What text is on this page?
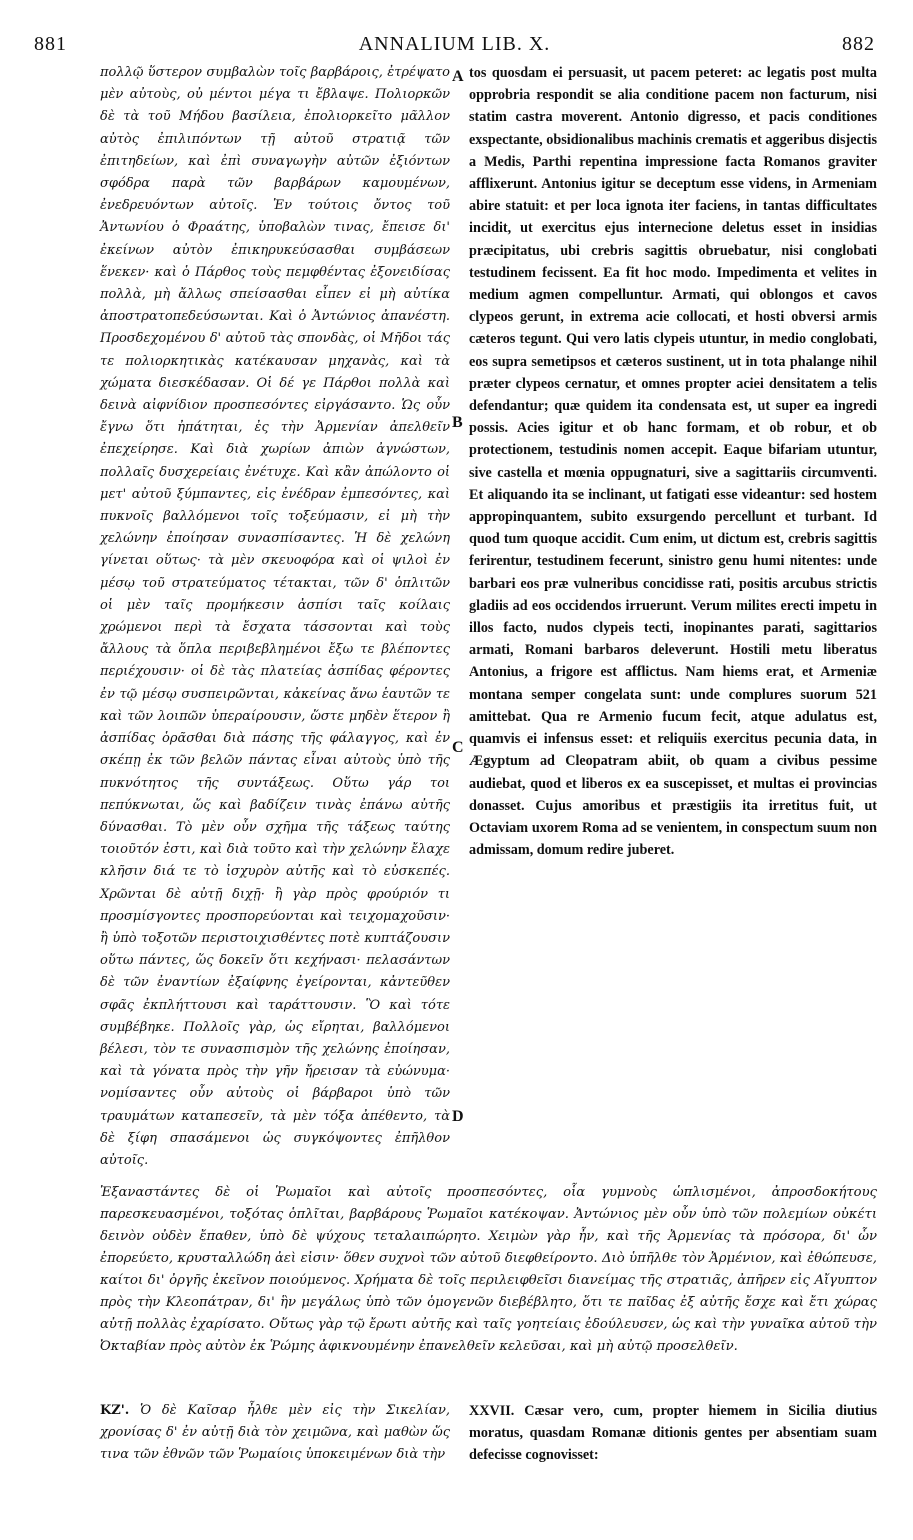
881	ANNALIUM LIB. X.	882

πολλῷ ὕστερον συμβαλὼν τοῖς βαρβάροις, ἐτρέψατο μὲν αὐτοὺς, οὐ μέντοι μέγα τι ἔβλαψε. Πολιορκῶν δὲ τὰ τοῦ Μήδου βασίλεια, ἐπολιορκεῖτο μᾶλλον αὐτὸς ἐπιλιπόντων τῇ αὐτοῦ στρατιᾷ τῶν ἐπιτηδείων, καὶ ἐπὶ συναγωγὴν αὐτῶν ἐξιόντων σφόδρα παρὰ τῶν βαρβάρων καμουμένων, ἐνεδρευόντων αὐτοῖς. Ἐν τούτοις ὄντος τοῦ Ἀντωνίου ὁ Φραάτης, ὑποβαλὼν τινας, ἔπεισε δι' ἐκείνων αὐτὸν ἐπικηρυκεύσασθαι συμβάσεων ἕνεκεν· καὶ ὁ Πάρθος τοὺς πεμφθέντας ἐξονειδίσας πολλὰ, μὴ ἄλλως σπείσασθαι εἶπεν εἰ μὴ αὐτίκα ἀποστρατοπεδεύσωνται. Καὶ ὁ Ἀντώνιος ἀπανέστη. Προσδεχομένου δ' αὐτοῦ τὰς σπονδὰς, οἱ Μῆδοι τάς τε πολιορκητικὰς κατέκαυσαν μηχανὰς, καὶ τὰ χώματα διεσκέδασαν. Οἱ δέ γε Πάρθοι πολλὰ καὶ δεινὰ αἰφνίδιον προσπεσόντες εἰργάσαντο. Ὡς οὖν ἔγνω ὅτι ἠπάτηται, ἐς τὴν Ἀρμενίαν ἀπελθεῖν ἐπεχείρησε. Καὶ διὰ χωρίων ἀπιὼν ἀγνώστων, πολλαῖς δυσχερείαις ἐνέτυχε. Καὶ κἂν ἀπώλοντο οἱ μετ' αὐτοῦ ξύμπαντες, εἰς ἐνέδραν ἐμπεσόντες, καὶ πυκνοῖς βαλλόμενοι τοῖς τοξεύμασιν, εἰ μὴ τὴν χελώνην ἐποίησαν συνασπίσαντες. Ἡ δὲ χελώνη γίνεται οὕτως· τὰ μὲν σκευοφόρα καὶ οἱ ψιλοὶ ἐν μέσῳ τοῦ στρατεύματος τέτακται, τῶν δ' ὁπλιτῶν οἱ μὲν ταῖς προμήκεσιν ἀσπίσι ταῖς κοίλαις χρώμενοι περὶ τὰ ἔσχατα τάσσονται καὶ τοὺς ἄλλους τὰ ὅπλα περιβεβλημένοι ἔξω τε βλέποντες περιέχουσιν· οἱ δὲ τὰς πλατείας ἀσπίδας φέροντες ἐν τῷ μέσῳ συσπειρῶνται, κἀκείνας ἄνω ἑαυτῶν τε καὶ τῶν λοιπῶν ὑπεραίρουσιν, ὥστε μηδὲν ἕτερον ἢ ἀσπίδας ὁρᾶσθαι διὰ πάσης τῆς φάλαγγος, καὶ ἐν σκέπῃ ἐκ τῶν βελῶν πάντας εἶναι αὐτοὺς ὑπὸ τῆς πυκνότητος τῆς συντάξεως. Οὕτω γάρ τοι πεπύκνωται, ὥς καὶ βαδίζειν τινὰς ἐπάνω αὐτῆς δύνασθαι. Τὸ μὲν οὖν σχῆμα τῆς τάξεως ταύτης τοιοῦτόν ἐστι, καὶ διὰ τοῦτο καὶ τὴν χελώνην ἔλαχε κλῆσιν διά τε τὸ ἰσχυρὸν αὐτῆς καὶ τὸ εὐσκεπές. Χρῶνται δὲ αὐτῇ διχῇ· ἢ γὰρ πρὸς φρούριόν τι προσμίσγοντες προσπορεύονται καὶ τειχομαχοῦσιν· ἢ ὑπὸ τοξοτῶν περιστοιχισθέντες ποτὲ κυπτάζουσιν οὕτω πάντες, ὥς δοκεῖν ὅτι κεχήνασι· πελασάντων δὲ τῶν ἐναντίων ἐξαίφνης ἐγείρονται, κἀντεῦθεν σφᾶς ἐκπλήττουσι καὶ ταράττουσιν. Ὃ καὶ τότε συμβέβηκε. Πολλοῖς γὰρ, ὡς εἴρηται, βαλλόμενοι βέλεσι, τὸν τε συνασπισμὸν τῆς χελώνης ἐποίησαν, καὶ τὰ γόνατα πρὸς τὴν γῆν ἤρεισαν τὰ εὐώνυμα· νομίσαντες οὖν αὐτοὺς οἱ βάρβαροι ὑπὸ τῶν τραυμάτων καταπεσεῖν, τὰ μὲν τόξα ἀπέθεντο, τὰ δὲ ξίφη σπασάμενοι ὡς συγκόψοντες ἐπῆλθον αὐτοῖς.

A
B
C
D

tos quosdam ei persuasit, ut pacem peteret: ac legatis post multa opprobria respondit se alia conditione pacem non facturum, nisi statim castra moverent. Antonio digresso, et pacis conditiones exspectante, obsidionalibus machinis crematis et aggeribus disjectis a Medis, Parthi repentina impressione facta Romanos graviter afflixerunt. Antonius igitur se deceptum esse videns, in Armeniam abire statuit: et per loca ignota iter faciens, in tantas difficultates incidit, ut exercitus ejus internecione deletus esset in insidias præcipitatus, ubi crebris sagittis obruebatur, nisi conglobati testudinem fecissent. Ea fit hoc modo. Impedimenta et velites in medium agmen compelluntur. Armati, qui oblongos et cavos clypeos gerunt, in extrema acie collocati, et hosti obversi armis cæteros tegunt. Qui vero latis clypeis utuntur, in medio conglobati, eos supra semetipsos et cæteros sustinent, ut in tota phalange nihil præter clypeos cernatur, et omnes propter aciei densitatem a telis defendantur; quæ quidem ita condensata est, ut super ea ingredi possis. Acies igitur et ob hanc formam, et ob robur, et ob protectionem, testudinis nomen accepit. Eaque bifariam utuntur, sive castella et mœnia oppugnaturi, sive a sagittariis circumventi. Et aliquando ita se inclinant, ut fatigati esse videantur: sed hostem appropinquantem, subito exsurgendo percellunt et turbant. Id quod tum quoque accidit. Cum enim, ut dictum est, crebris sagittis ferirentur, testudinem fecerunt, sinistro genu humi nitentes: unde barbari eos præ vulneribus concidisse rati, positis arcubus strictis gladiis ad eos occidendos irruerunt. Verum milites erecti impetu in illos facto, nudos clypeis tecti, inopinantes parati, sagittarios armati, Romani barbaros deleverunt. Hostili metu liberatus Antonius, a frigore est afflictus. Nam hiems erat, et Armeniæ montana semper congelata sunt: unde complures suorum 521 amittebat. Qua re Armenio fucum fecit, atque adulatus est, quamvis ei infensus esset: et reliquiis exercitus pecunia data, in Ægyptum ad Cleopatram abiit, ob quam a civibus pessime audiebat, quod et liberos ex ea suscepisset, et multas ei provincias donasset. Cujus amoribus et præstigiis ita irretitus fuit, ut Octaviam uxorem Roma ad se venientem, in conspectum suum non admissam, domum redire juberet.

Ἐξαναστάντες δὲ οἱ Ῥωμαῖοι καὶ αὐτοῖς προσπεσόντες, οἷα γυμνοὺς ὡπλισμένοι, ἀπροσδοκήτους παρεσκευασμένοι, τοξότας ὁπλῖται, βαρβάρους Ῥωμαῖοι κατέκοψαν. Ἀντώνιος μὲν οὖν ὑπὸ τῶν πολεμίων οὐκέτι δεινὸν οὐδὲν ἔπαθεν, ὑπὸ δὲ ψύχους τεταλαιπώρητο. Χειμὼν γὰρ ἦν, καὶ τῆς Ἀρμενίας τὰ πρόσορα, δι' ὧν ἐπορεύετο, κρυσταλλώδη ἀεὶ εἰσιν· ὅθεν συχνοὶ τῶν αὐτοῦ διεφθείροντο. Διὸ ὑπῆλθε τὸν Ἀρμένιον, καὶ ἐθώπευσε, καίτοι δι' ὀργῆς ἐκεῖνον ποιούμενος. Χρήματα δὲ τοῖς περιλειφθεῖσι διανείμας τῆς στρατιᾶς, ἀπῆρεν εἰς Αἴγυπτον πρὸς τὴν Κλεοπάτραν, δι' ἣν μεγάλως ὑπὸ τῶν ὁμογενῶν διεβέβλητο, ὅτι τε παῖδας ἐξ αὐτῆς ἔσχε καὶ ἔτι χώρας αὐτῇ πολλὰς ἐχαρίσατο. Οὕτως γὰρ τῷ ἔρωτι αὐτῆς καὶ ταῖς γοητείαις ἐδούλευσεν, ὡς καὶ τὴν γυναῖκα αὐτοῦ τὴν Ὀκταβίαν πρὸς αὐτὸν ἐκ Ῥώμης ἀφικνουμένην ἐπανελθεῖν κελεῦσαι, καὶ μὴ αὐτῷ προσελθεῖν.

ΚΖ'. Ὁ δὲ Καῖσαρ ἦλθε μὲν εἰς τὴν Σικελίαν, χρονίσας δ' ἐν αὐτῇ διὰ τὸν χειμῶνα, καὶ μαθὼν ὥς τινα τῶν ἐθνῶν τῶν Ῥωμαίοις ὑποκειμένων διὰ τὴν
XXVII. Cæsar vero, cum, propter hiemem in Sicilia diutius moratus, quasdam Romanæ ditionis gentes per absentiam suam defecisse cognovisset:
